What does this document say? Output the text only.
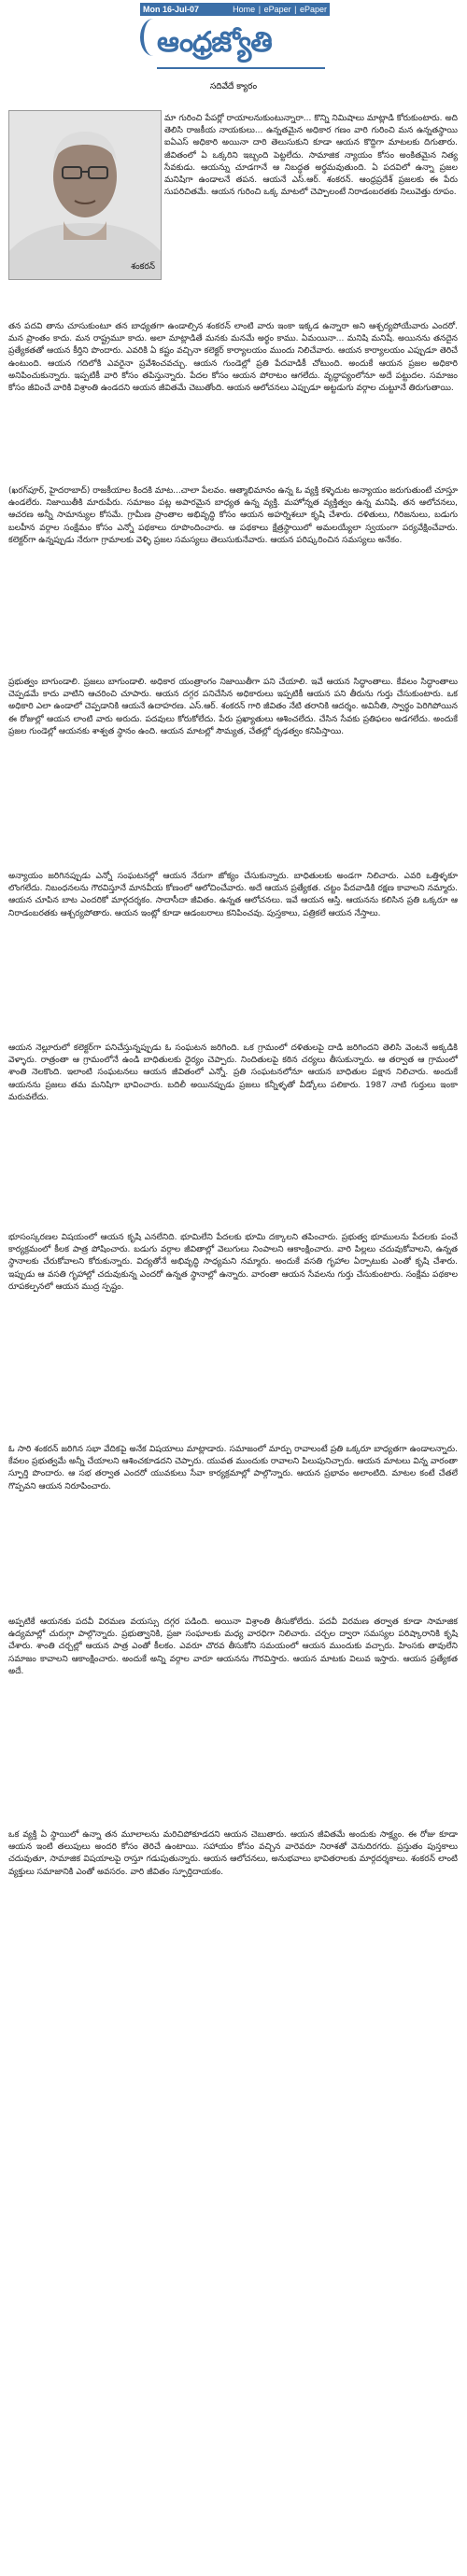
Mon 16-Jul-07	Home | ePaper | ePaper
ఆంధ్రజ్యోతి
సదివేదే క్యారం
శంకరన్

మా గురించి పేపర్లో రాయాలనుకుంటున్నారా... కొన్ని నిమిషాలు మాట్లాడి కోరుకుంటారు. అది తెలిసి రాజకీయ నాయకులు... ఉన్నతమైన అధికార గణం వారి గురించి మన ఉన్నతస్థాయి ఐఏఎస్ అధికారి అయినా దారి తెలుసుకుని కూడా ఆయన కొద్దిగా మాటలకు దిగుతారు. జీవితంలో ఏ ఒక్కరిని ఇబ్బంది పెట్టలేదు. సామాజిక న్యాయం కోసం అంకితమైన నిత్య సేవకుడు. ఆయన్ను చూడగానే ఆ నిబద్ధత అర్థమవుతుంది. ఏ పదవిలో ఉన్నా ప్రజల మనిషిగా ఉండాలనే తపన. ఆయనే ఎస్.ఆర్. శంకరన్. ఆంధ్రప్రదేశ్ ప్రజలకు ఈ పేరు సుపరిచితమే. ఆయన గురించి ఒక్క మాటలో చెప్పాలంటే నిరాడంబరతకు నిలువెత్తు రూపం.

తన పదవి తాను చూసుకుంటూ తన బాధ్యతగా ఉండాల్సిన శంకరన్ లాంటి వారు ఇంకా ఇక్కడ ఉన్నారా అని ఆశ్చర్యపోయేవారు ఎందరో. మన ప్రాంతం కాదు. మన రాష్ట్రమూ కాదు. అలా మాట్లాడితే మనకు మనమే అర్థం కాము. ఏమయినా... మనిషి మనిషే. అయినను తనదైన ప్రత్యేకతతో ఆయన కీర్తిని పొందారు. ఎవరికి ఏ కష్టం వచ్చినా కలెక్టర్ కార్యాలయం ముందు నిలిచేవారు. ఆయన కార్యాలయం ఎప్పుడూ తెరిచే ఉంటుంది. ఆయన గదిలోకి ఎవరైనా ప్రవేశించవచ్చు. ఆయన గుండెల్లో ప్రతి పేదవాడికీ చోటుంది. అందుకే ఆయన ప్రజల అధికారి అనిపించుకున్నారు. ఇప్పటికీ వారి కోసం తపిస్తున్నారు. పేదల కోసం ఆయన పోరాటం ఆగలేదు. వృద్ధాప్యంలోనూ అదే పట్టుదల. సమాజం కోసం జీవించే వారికి విశ్రాంతి ఉండదని ఆయన జీవితమే చెబుతోంది. ఆయన ఆలోచనలు ఎప్పుడూ అట్టడుగు వర్గాల చుట్టూనే తిరుగుతాయి.

(ఖరగ్‌పూర్, హైదరాబాద్) రాజకీయాల కిందకి మాట...చాలా పేలవం. ఆత్మాభిమానం ఉన్న ఓ వ్యక్తి కళ్ళెదుట అన్యాయం జరుగుతుంటే చూస్తూ ఉండలేరు. నిజాయితీకి మారుపేరు. సమాజం పట్ల అపారమైన బాధ్యత ఉన్న వ్యక్తి. మహోన్నత వ్యక్తిత్వం ఉన్న మనిషి. తన ఆలోచనలు, ఆచరణ అన్నీ సామాన్యుల కోసమే. గ్రామీణ ప్రాంతాల అభివృద్ధి కోసం ఆయన అహర్నిశలూ కృషి చేశారు. దళితులు, గిరిజనులు, బడుగు బలహీన వర్గాల సంక్షేమం కోసం ఎన్నో పథకాలు రూపొందించారు. ఆ పథకాలు క్షేత్రస్థాయిలో అమలయ్యేలా స్వయంగా పర్యవేక్షించేవారు. కలెక్టర్‌గా ఉన్నప్పుడు నేరుగా గ్రామాలకు వెళ్ళి ప్రజల సమస్యలు తెలుసుకునేవారు. ఆయన పరిష్కరించిన సమస్యలు అనేకం.

ప్రభుత్వం బాగుండాలి. ప్రజలు బాగుండాలి. అధికార యంత్రాంగం నిజాయితీగా పని చేయాలి. ఇవే ఆయన సిద్ధాంతాలు. కేవలం సిద్ధాంతాలు చెప్పడమే కాదు వాటిని ఆచరించి చూపారు. ఆయన దగ్గర పనిచేసిన అధికారులు ఇప్పటికీ ఆయన పని తీరును గుర్తు చేసుకుంటారు. ఒక అధికారి ఎలా ఉండాలో చెప్పడానికి ఆయనే ఉదాహరణ. ఎస్.ఆర్. శంకరన్ గారి జీవితం నేటి తరానికి ఆదర్శం. అవినీతి, స్వార్థం పెరిగిపోయిన ఈ రోజుల్లో ఆయన లాంటి వారు అరుదు. పదవులు కోరుకోలేదు. పేరు ప్రఖ్యాతులు ఆశించలేదు. చేసిన సేవకు ప్రతిఫలం అడగలేదు. అందుకే ప్రజల గుండెల్లో ఆయనకు శాశ్వత స్థానం ఉంది. ఆయన మాటల్లో సౌమ్యత, చేతల్లో దృఢత్వం కనిపిస్తాయి.

అన్యాయం జరిగినప్పుడు ఎన్నో సంఘటనల్లో ఆయన నేరుగా జోక్యం చేసుకున్నారు. బాధితులకు అండగా నిలిచారు. ఎవరి ఒత్తిళ్ళకూ లొంగలేదు. నిబంధనలను గౌరవిస్తూనే మానవీయ కోణంలో ఆలోచించేవారు. అదే ఆయన ప్రత్యేకత. చట్టం పేదవాడికి రక్షణ కావాలని నమ్మారు. ఆయన చూపిన బాట ఎందరికో మార్గదర్శకం. సాదాసీదా జీవితం. ఉన్నత ఆలోచనలు. ఇవే ఆయన ఆస్తి. ఆయనను కలిసిన ప్రతి ఒక్కరూ ఆ నిరాడంబరతకు ఆశ్చర్యపోతారు. ఆయన ఇంట్లో కూడా ఆడంబరాలు కనిపించవు. పుస్తకాలు, పత్రికలే ఆయన నేస్తాలు.

ఆయన నెల్లూరులో కలెక్టర్‌గా పనిచేస్తున్నప్పుడు ఓ సంఘటన జరిగింది. ఒక గ్రామంలో దళితులపై దాడి జరిగిందని తెలిసి వెంటనే అక్కడికి వెళ్ళారు. రాత్రంతా ఆ గ్రామంలోనే ఉండి బాధితులకు ధైర్యం చెప్పారు. నిందితులపై కఠిన చర్యలు తీసుకున్నారు. ఆ తర్వాత ఆ గ్రామంలో శాంతి నెలకొంది. ఇలాంటి సంఘటనలు ఆయన జీవితంలో ఎన్నో. ప్రతి సంఘటనలోనూ ఆయన బాధితుల పక్షాన నిలిచారు. అందుకే ఆయనను ప్రజలు తమ మనిషిగా భావించారు. బదిలీ అయినప్పుడు ప్రజలు కన్నీళ్ళతో వీడ్కోలు పలికారు. 1987 నాటి గుర్తులు ఇంకా మరువలేదు.

భూసంస్కరణల విషయంలో ఆయన కృషి ఎనలేనిది. భూమిలేని పేదలకు భూమి దక్కాలని తపించారు. ప్రభుత్వ భూములను పేదలకు పంచే కార్యక్రమంలో కీలక పాత్ర పోషించారు. బడుగు వర్గాల జీవితాల్లో వెలుగులు నింపాలని ఆకాంక్షించారు. వారి పిల్లలు చదువుకోవాలని, ఉన్నత స్థానాలకు చేరుకోవాలని కోరుకున్నారు. విద్యతోనే అభివృద్ధి సాధ్యమని నమ్మారు. అందుకే వసతి గృహాల ఏర్పాటుకు ఎంతో కృషి చేశారు. ఇప్పుడు ఆ వసతి గృహాల్లో చదువుకున్న ఎందరో ఉన్నత స్థానాల్లో ఉన్నారు. వారంతా ఆయన సేవలను గుర్తు చేసుకుంటారు. సంక్షేమ పథకాల రూపకల్పనలో ఆయన ముద్ర స్పష్టం.

ఓ సారి శంకరన్ జరిగిన సభా వేదికపై అనేక విషయాలు మాట్లాడారు. సమాజంలో మార్పు రావాలంటే ప్రతి ఒక్కరూ బాధ్యతగా ఉండాలన్నారు. కేవలం ప్రభుత్వమే అన్నీ చేయాలని ఆశించకూడదని చెప్పారు. యువత ముందుకు రావాలని పిలుపునిచ్చారు. ఆయన మాటలు విన్న వారంతా స్ఫూర్తి పొందారు. ఆ సభ తర్వాత ఎందరో యువకులు సేవా కార్యక్రమాల్లో పాల్గొన్నారు. ఆయన ప్రభావం అలాంటిది. మాటల కంటే చేతలే గొప్పవని ఆయన నిరూపించారు.

అప్పటికే ఆయనకు పదవీ విరమణ వయస్సు దగ్గర పడింది. అయినా విశ్రాంతి తీసుకోలేదు. పదవీ విరమణ తర్వాత కూడా సామాజిక ఉద్యమాల్లో చురుగ్గా పాల్గొన్నారు. ప్రభుత్వానికి, ప్రజా సంఘాలకు మధ్య వారధిగా నిలిచారు. చర్చల ద్వారా సమస్యల పరిష్కారానికి కృషి చేశారు. శాంతి చర్చల్లో ఆయన పాత్ర ఎంతో కీలకం. ఎవరూ చొరవ తీసుకోని సమయంలో ఆయన ముందుకు వచ్చారు. హింసకు తావులేని సమాజం కావాలని ఆకాంక్షించారు. అందుకే అన్ని వర్గాల వారూ ఆయనను గౌరవిస్తారు. ఆయన మాటకు విలువ ఇస్తారు. ఆయన ప్రత్యేకత అదే.

ఒక వ్యక్తి ఏ స్థాయిలో ఉన్నా తన మూలాలను మరిచిపోకూడదని ఆయన చెబుతారు. ఆయన జీవితమే అందుకు సాక్ష్యం. ఈ రోజు కూడా ఆయన ఇంటి తలుపులు అందరి కోసం తెరిచే ఉంటాయి. సహాయం కోసం వచ్చిన వారెవరూ నిరాశతో వెనుదిరగరు. ప్రస్తుతం పుస్తకాలు చదువుతూ, సామాజిక విషయాలపై రాస్తూ గడుపుతున్నారు. ఆయన ఆలోచనలు, అనుభవాలు భావితరాలకు మార్గదర్శకాలు. శంకరన్ లాంటి వ్యక్తులు సమాజానికి ఎంతో అవసరం. వారి జీవితం స్ఫూర్తిదాయకం.
